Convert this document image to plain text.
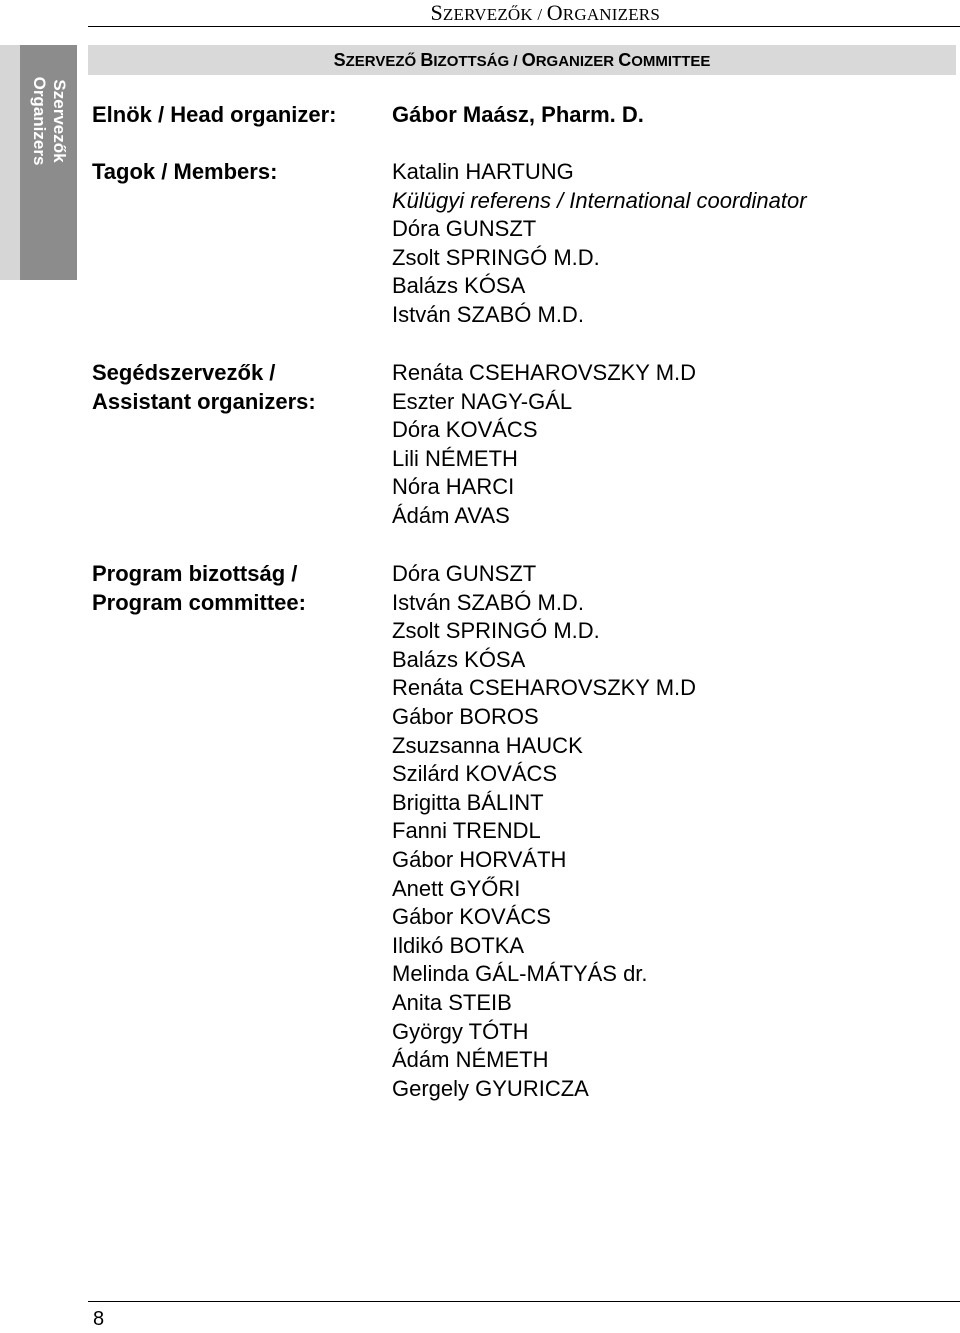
SZERVEZŐK / ORGANIZERS
Szervezők
Organizers
SZERVEZŐ BIZOTTSÁG / ORGANIZER COMMITTEE
Elnök / Head organizer:	Gábor Maász, Pharm. D.
Tagok / Members:	Katalin HARTUNG
Külügyi referens / International coordinator
Dóra GUNSZT
Zsolt SPRINGÓ M.D.
Balázs KÓSA
István SZABÓ M.D.
Segédszervezők /
Assistant organizers:
Renáta CSEHAROVSZKY M.D
Eszter NAGY-GÁL
Dóra KOVÁCS
Lili NÉMETH
Nóra HARCI
Ádám AVAS
Program bizottság /
Program committee:
Dóra GUNSZT
István SZABÓ M.D.
Zsolt SPRINGÓ M.D.
Balázs KÓSA
Renáta CSEHAROVSZKY M.D
Gábor BOROS
Zsuzsanna HAUCK
Szilárd KOVÁCS
Brigitta BÁLINT
Fanni TRENDL
Gábor HORVÁTH
Anett GYŐRI
Gábor KOVÁCS
Ildikó BOTKA
Melinda GÁL-MÁTYÁS dr.
Anita STEIB
György TÓTH
Ádám NÉMETH
Gergely GYURICZA
8
